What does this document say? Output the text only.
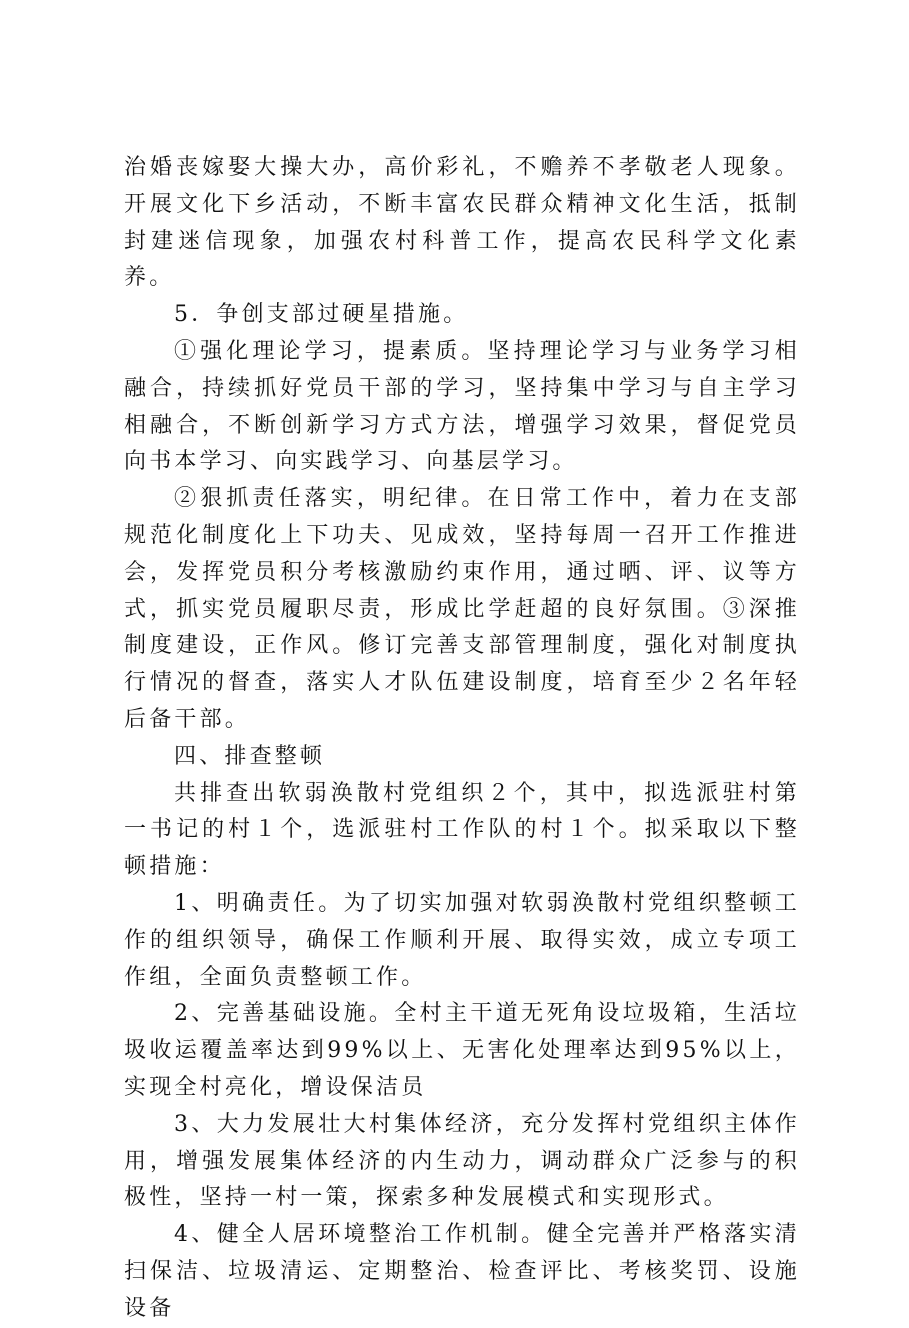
治婚丧嫁娶大操大办，高价彩礼，不赡养不孝敬老人现象。开展文化下乡活动，不断丰富农民群众精神文化生活，抵制封建迷信现象，加强农村科普工作，提高农民科学文化素养。

5．争创支部过硬星措施。

①强化理论学习，提素质。坚持理论学习与业务学习相融合，持续抓好党员干部的学习，坚持集中学习与自主学习相融合，不断创新学习方式方法，增强学习效果，督促党员向书本学习、向实践学习、向基层学习。

②狠抓责任落实，明纪律。在日常工作中，着力在支部规范化制度化上下功夫、见成效，坚持每周一召开工作推进会，发挥党员积分考核激励约束作用，通过晒、评、议等方式，抓实党员履职尽责，形成比学赶超的良好氛围。③深推制度建设，正作风。修订完善支部管理制度，强化对制度执行情况的督查，落实人才队伍建设制度，培育至少２名年轻后备干部。

四、排查整顿

共排查出软弱涣散村党组织２个，其中，拟选派驻村第一书记的村１个，选派驻村工作队的村１个。拟采取以下整顿措施：

1、明确责任。为了切实加强对软弱涣散村党组织整顿工作的组织领导，确保工作顺利开展、取得实效，成立专项工作组，全面负责整顿工作。

2、完善基础设施。全村主干道无死角设垃圾箱，生活垃圾收运覆盖率达到99%以上、无害化处理率达到95%以上，实现全村亮化，增设保洁员

3、大力发展壮大村集体经济，充分发挥村党组织主体作用，增强发展集体经济的内生动力，调动群众广泛参与的积极性，坚持一村一策，探索多种发展模式和实现形式。

4、健全人居环境整治工作机制。健全完善并严格落实清扫保洁、垃圾清运、定期整治、检查评比、考核奖罚、设施设备
